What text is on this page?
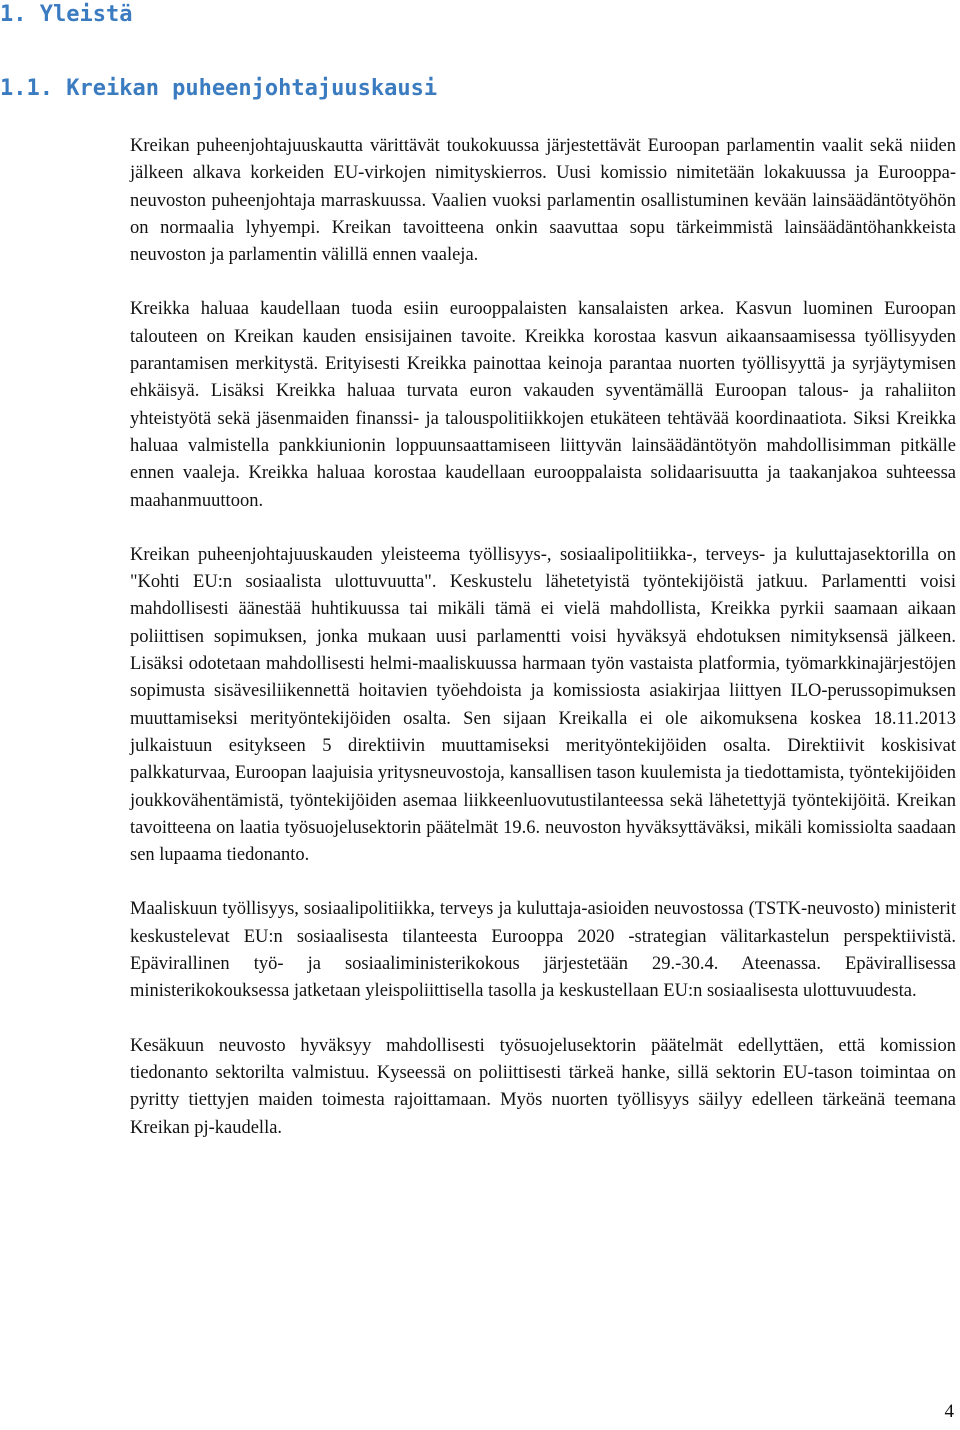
1. Yleistä
1.1. Kreikan puheenjohtajuuskausi

Kreikan puheenjohtajuuskautta värittävät toukokuussa järjestettävät Euroopan parlamentin vaalit sekä niiden jälkeen alkava korkeiden EU-virkojen nimityskierros. Uusi komissio nimitetään lokakuussa ja Eurooppa-neuvoston puheenjohtaja marraskuussa. Vaalien vuoksi parlamentin osallistuminen kevään lainsäädäntötyöhön on normaalia lyhyempi. Kreikan tavoitteena onkin saavuttaa sopu tärkeimmistä lainsäädäntöhankkeista neuvoston ja parlamentin välillä ennen vaaleja.

Kreikka haluaa kaudellaan tuoda esiin eurooppalaisten kansalaisten arkea. Kasvun luominen Euroopan talouteen on Kreikan kauden ensisijainen tavoite. Kreikka korostaa kasvun aikaansaamisessa työllisyyden parantamisen merkitystä. Erityisesti Kreikka painottaa keinoja parantaa nuorten työllisyyttä ja syrjäytymisen ehkäisyä. Lisäksi Kreikka haluaa turvata euron vakauden syventämällä Euroopan talous- ja rahaliiton yhteistyötä sekä jäsenmaiden finanssi- ja talouspolitiikkojen etukäteen tehtävää koordinaatiota. Siksi Kreikka haluaa valmistella pankkiunionin loppuunsaattamiseen liittyvän lainsäädäntötyön mahdollisimman pitkälle ennen vaaleja. Kreikka haluaa korostaa kaudellaan eurooppalaista solidaarisuutta ja taakanjakoa suhteessa maahanmuuttoon.

Kreikan puheenjohtajuuskauden yleisteema työllisyys-, sosiaalipolitiikka-, terveys- ja kuluttajasektorilla on "Kohti EU:n sosiaalista ulottuvuutta". Keskustelu lähetetyistä työntekijöistä jatkuu. Parlamentti voisi mahdollisesti äänestää huhtikuussa tai mikäli tämä ei vielä mahdollista, Kreikka pyrkii saamaan aikaan poliittisen sopimuksen, jonka mukaan uusi parlamentti voisi hyväksyä ehdotuksen nimityksensä jälkeen. Lisäksi odotetaan mahdollisesti helmi-maaliskuussa harmaan työn vastaista platformia, työmarkkinajärjestöjen sopimusta sisävesiliikennettä hoitavien työehdoista ja komissiosta asiakirjaa liittyen ILO-perussopimuksen muuttamiseksi merityöntekijöiden osalta. Sen sijaan Kreikalla ei ole aikomuksena koskea 18.11.2013 julkaistuun esitykseen 5 direktiivin muuttamiseksi merityöntekijöiden osalta. Direktiivit koskisivat palkkaturvaa, Euroopan laajuisia yritysneuvostoja, kansallisen tason kuulemista ja tiedottamista, työntekijöiden joukkovähentämistä, työntekijöiden asemaa liikkeenluovutustilanteessa sekä lähetettyjä työntekijöitä. Kreikan tavoitteena on laatia työsuojelusektorin päätelmät 19.6. neuvoston hyväksyttäväksi, mikäli komissiolta saadaan sen lupaama tiedonanto.

Maaliskuun työllisyys, sosiaalipolitiikka, terveys ja kuluttaja-asioiden neuvostossa (TSTK-neuvosto) ministerit keskustelevat EU:n sosiaalisesta tilanteesta Eurooppa 2020 -strategian välitarkastelun perspektiivistä. Epävirallinen työ- ja sosiaaliministerikokous järjestetään 29.-30.4. Ateenassa. Epävirallisessa ministerikokouksessa jatketaan yleispoliittisella tasolla ja keskustellaan EU:n sosiaalisesta ulottuvuudesta.

Kesäkuun neuvosto hyväksyy mahdollisesti työsuojelusektorin päätelmät edellyttäen, että komission tiedonanto sektorilta valmistuu. Kyseessä on poliittisesti tärkeä hanke, sillä sektorin EU-tason toimintaa on pyritty tiettyjen maiden toimesta rajoittamaan. Myös nuorten työllisyys säilyy edelleen tärkeänä teemana Kreikan pj-kaudella.

4
